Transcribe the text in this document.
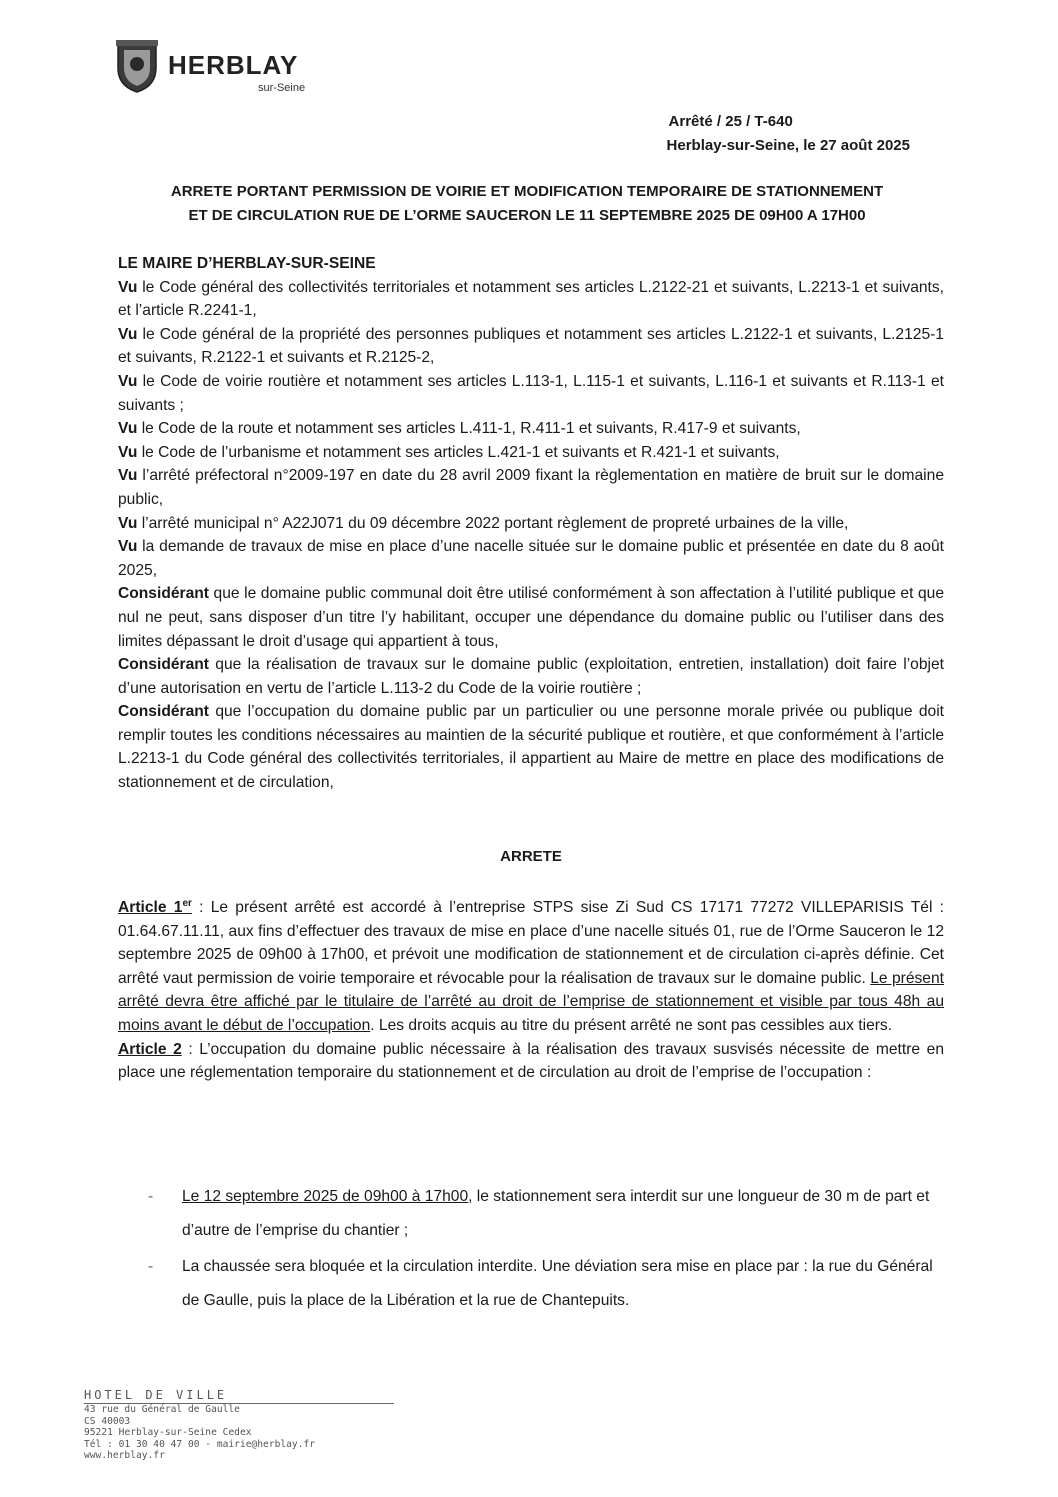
HERBLAY
sur-Seine
Arrêté / 25 / T-640
Herblay-sur-Seine, le 27 août 2025
ARRETE PORTANT PERMISSION DE VOIRIE ET MODIFICATION TEMPORAIRE DE STATIONNEMENT
ET DE CIRCULATION RUE DE L’ORME SAUCERON LE 11 SEPTEMBRE 2025 DE 09H00 A 17H00

LE MAIRE D’HERBLAY-SUR-SEINE

Vu le Code général des collectivités territoriales et notamment ses articles L.2122-21 et suivants, L.2213-1 et suivants, et l’article R.2241-1,

Vu le Code général de la propriété des personnes publiques et notamment ses articles L.2122-1 et suivants, L.2125-1 et suivants, R.2122-1 et suivants et R.2125-2,

Vu le Code de voirie routière et notamment ses articles L.113-1, L.115-1 et suivants, L.116-1 et suivants et R.113-1 et suivants ;

Vu le Code de la route et notamment ses articles L.411-1, R.411-1 et suivants, R.417-9 et suivants,

Vu le Code de l’urbanisme et notamment ses articles L.421-1 et suivants et R.421-1 et suivants,

Vu l’arrêté préfectoral n°2009-197 en date du 28 avril 2009 fixant la règlementation en matière de bruit sur le domaine public,

Vu l’arrêté municipal n° A22J071 du 09 décembre 2022 portant règlement de propreté urbaines de la ville,

Vu la demande de travaux de mise en place d’une nacelle située sur le domaine public et présentée en date du 8 août 2025,

Considérant que le domaine public communal doit être utilisé conformément à son affectation à l’utilité publique et que nul ne peut, sans disposer d’un titre l’y habilitant, occuper une dépendance du domaine public ou l’utiliser dans des limites dépassant le droit d’usage qui appartient à tous,

Considérant que la réalisation de travaux sur le domaine public (exploitation, entretien, installation) doit faire l’objet d’une autorisation en vertu de l’article L.113-2 du Code de la voirie routière ;

Considérant que l’occupation du domaine public par un particulier ou une personne morale privée ou publique doit remplir toutes les conditions nécessaires au maintien de la sécurité publique et routière, et que conformément à l’article L.2213-1 du Code général des collectivités territoriales, il appartient au Maire de mettre en place des modifications de stationnement et de circulation,

ARRETE

Article 1er : Le présent arrêté est accordé à l’entreprise STPS sise Zi Sud CS 17171 77272 VILLEPARISIS Tél : 01.64.67.11.11, aux fins d’effectuer des travaux de mise en place d’une nacelle situés 01, rue de l’Orme Sauceron le 12 septembre 2025 de 09h00 à 17h00, et prévoit une modification de stationnement et de circulation ci-après définie. Cet arrêté vaut permission de voirie temporaire et révocable pour la réalisation de travaux sur le domaine public. Le présent arrêté devra être affiché par le titulaire de l’arrêté au droit de l’emprise de stationnement et visible par tous 48h au moins avant le début de l’occupation. Les droits acquis au titre du présent arrêté ne sont pas cessibles aux tiers.

Article 2 : L’occupation du domaine public nécessaire à la réalisation des travaux susvisés nécessite de mettre en place une réglementation temporaire du stationnement et de circulation au droit de l’emprise de l’occupation :

- Le 12 septembre 2025 de 09h00 à 17h00, le stationnement sera interdit sur une longueur de 30 m de part et d’autre de l’emprise du chantier ;
- La chaussée sera bloquée et la circulation interdite. Une déviation sera mise en place par : la rue du Général de Gaulle, puis la place de la Libération et la rue de Chantepuits.
HOTEL DE VILLE
43 rue du Général de Gaulle
CS 40003
95221 Herblay-sur-Seine Cedex
Tél : 01 30 40 47 00 - mairie@herblay.fr
www.herblay.fr
